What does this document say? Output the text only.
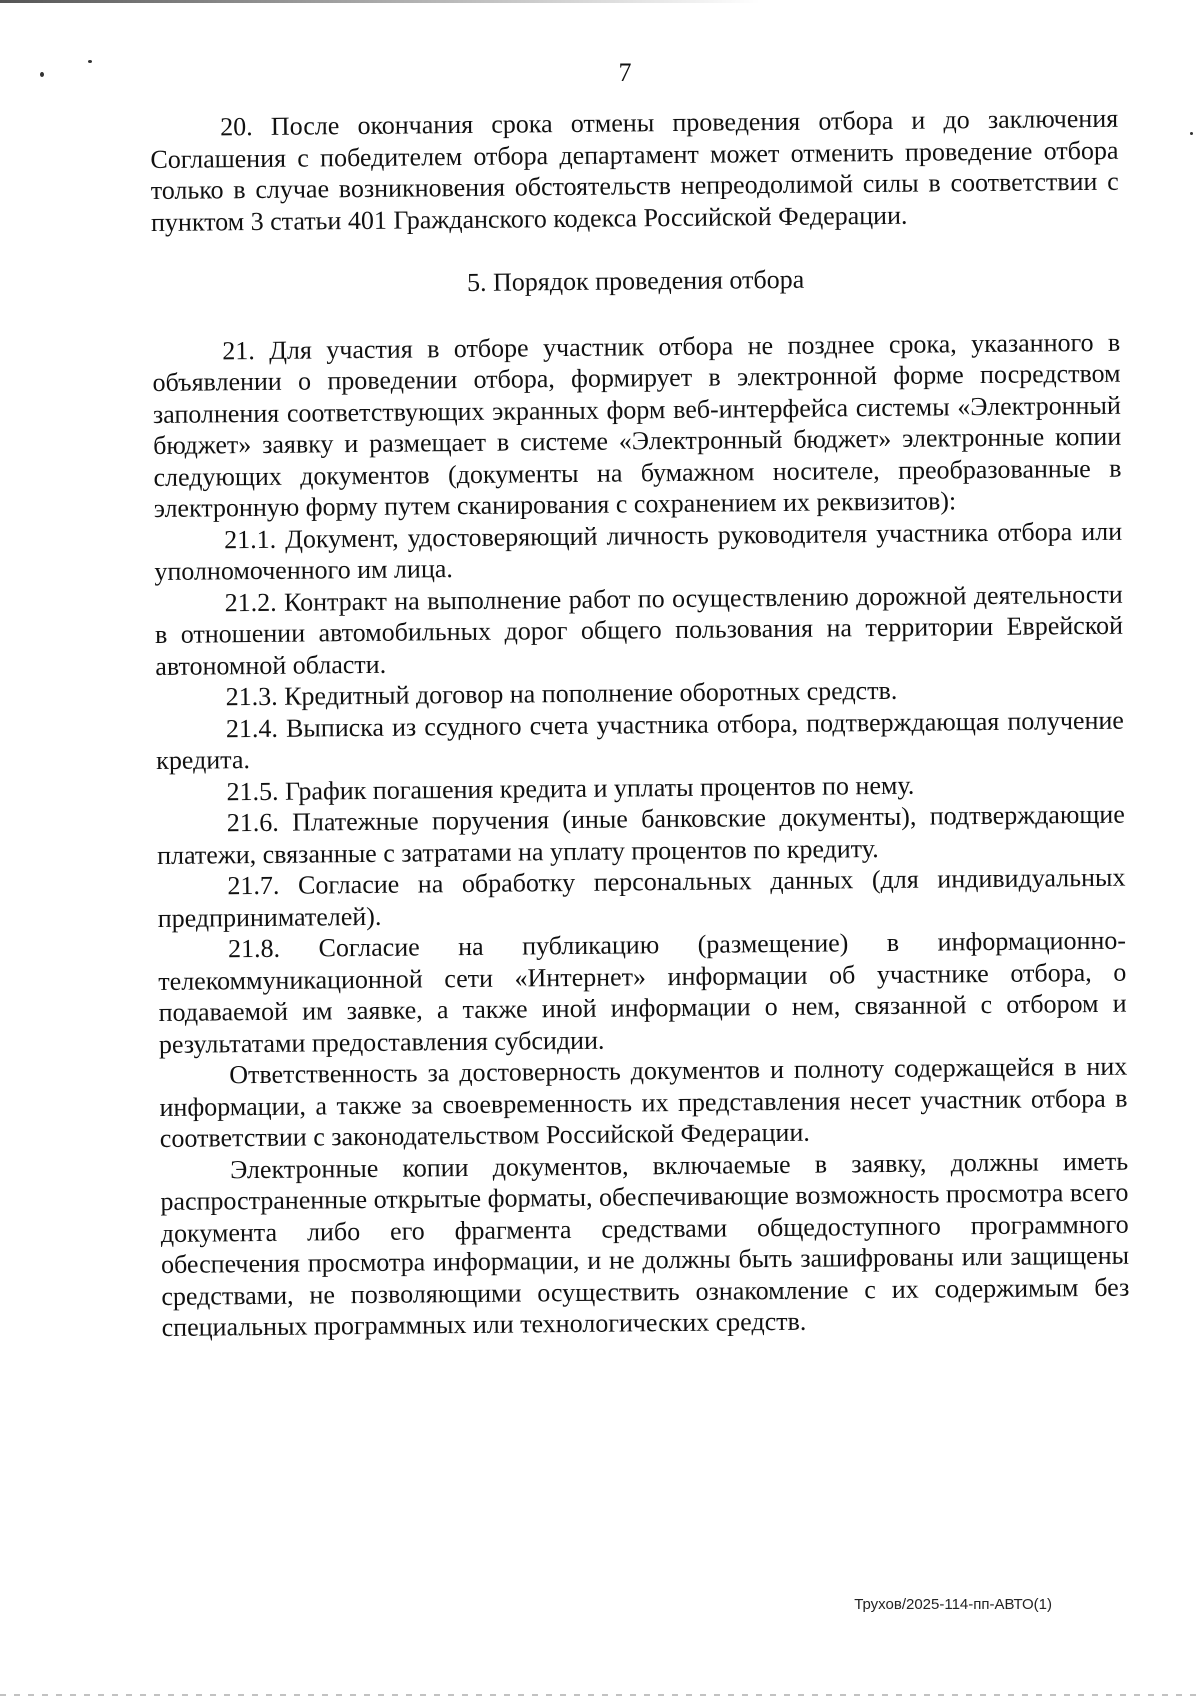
7

20. После окончания срока отмены проведения отбора и до заключения Соглашения с победителем отбора департамент может отменить проведение отбора только в случае возникновения обстоятельств непреодолимой силы в соответствии с пунктом 3 статьи 401 Гражданского кодекса Российской Федерации.

5. Порядок проведения отбора

21. Для участия в отборе участник отбора не позднее срока, указанного в объявлении о проведении отбора, формирует в электронной форме посредством заполнения соответствующих экранных форм веб-интерфейса системы «Электронный бюджет» заявку и размещает в системе «Электронный бюджет» электронные копии следующих документов (документы на бумажном носителе, преобразованные в электронную форму путем сканирования с сохранением их реквизитов):

21.1. Документ, удостоверяющий личность руководителя участника отбора или уполномоченного им лица.

21.2. Контракт на выполнение работ по осуществлению дорожной деятельности в отношении автомобильных дорог общего пользования на территории Еврейской автономной области.

21.3. Кредитный договор на пополнение оборотных средств.

21.4. Выписка из ссудного счета участника отбора, подтверждающая получение кредита.

21.5. График погашения кредита и уплаты процентов по нему.

21.6. Платежные поручения (иные банковские документы), подтверждающие платежи, связанные с затратами на уплату процентов по кредиту.

21.7. Согласие на обработку персональных данных (для индивидуальных предпринимателей).

21.8. Согласие на публикацию (размещение) в информационно-телекоммуникационной сети «Интернет» информации об участнике отбора, о подаваемой им заявке, а также иной информации о нем, связанной с отбором и результатами предоставления субсидии.

Ответственность за достоверность документов и полноту содержащейся в них информации, а также за своевременность их представления несет участник отбора в соответствии с законодательством Российской Федерации.

Электронные копии документов, включаемые в заявку, должны иметь распространенные открытые форматы, обеспечивающие возможность просмотра всего документа либо его фрагмента средствами общедоступного программного обеспечения просмотра информации, и не должны быть зашифрованы или защищены средствами, не позволяющими осуществить ознакомление с их содержимым без специальных программных или технологических средств.

Трухов/2025-114-пп-АВТО(1)
